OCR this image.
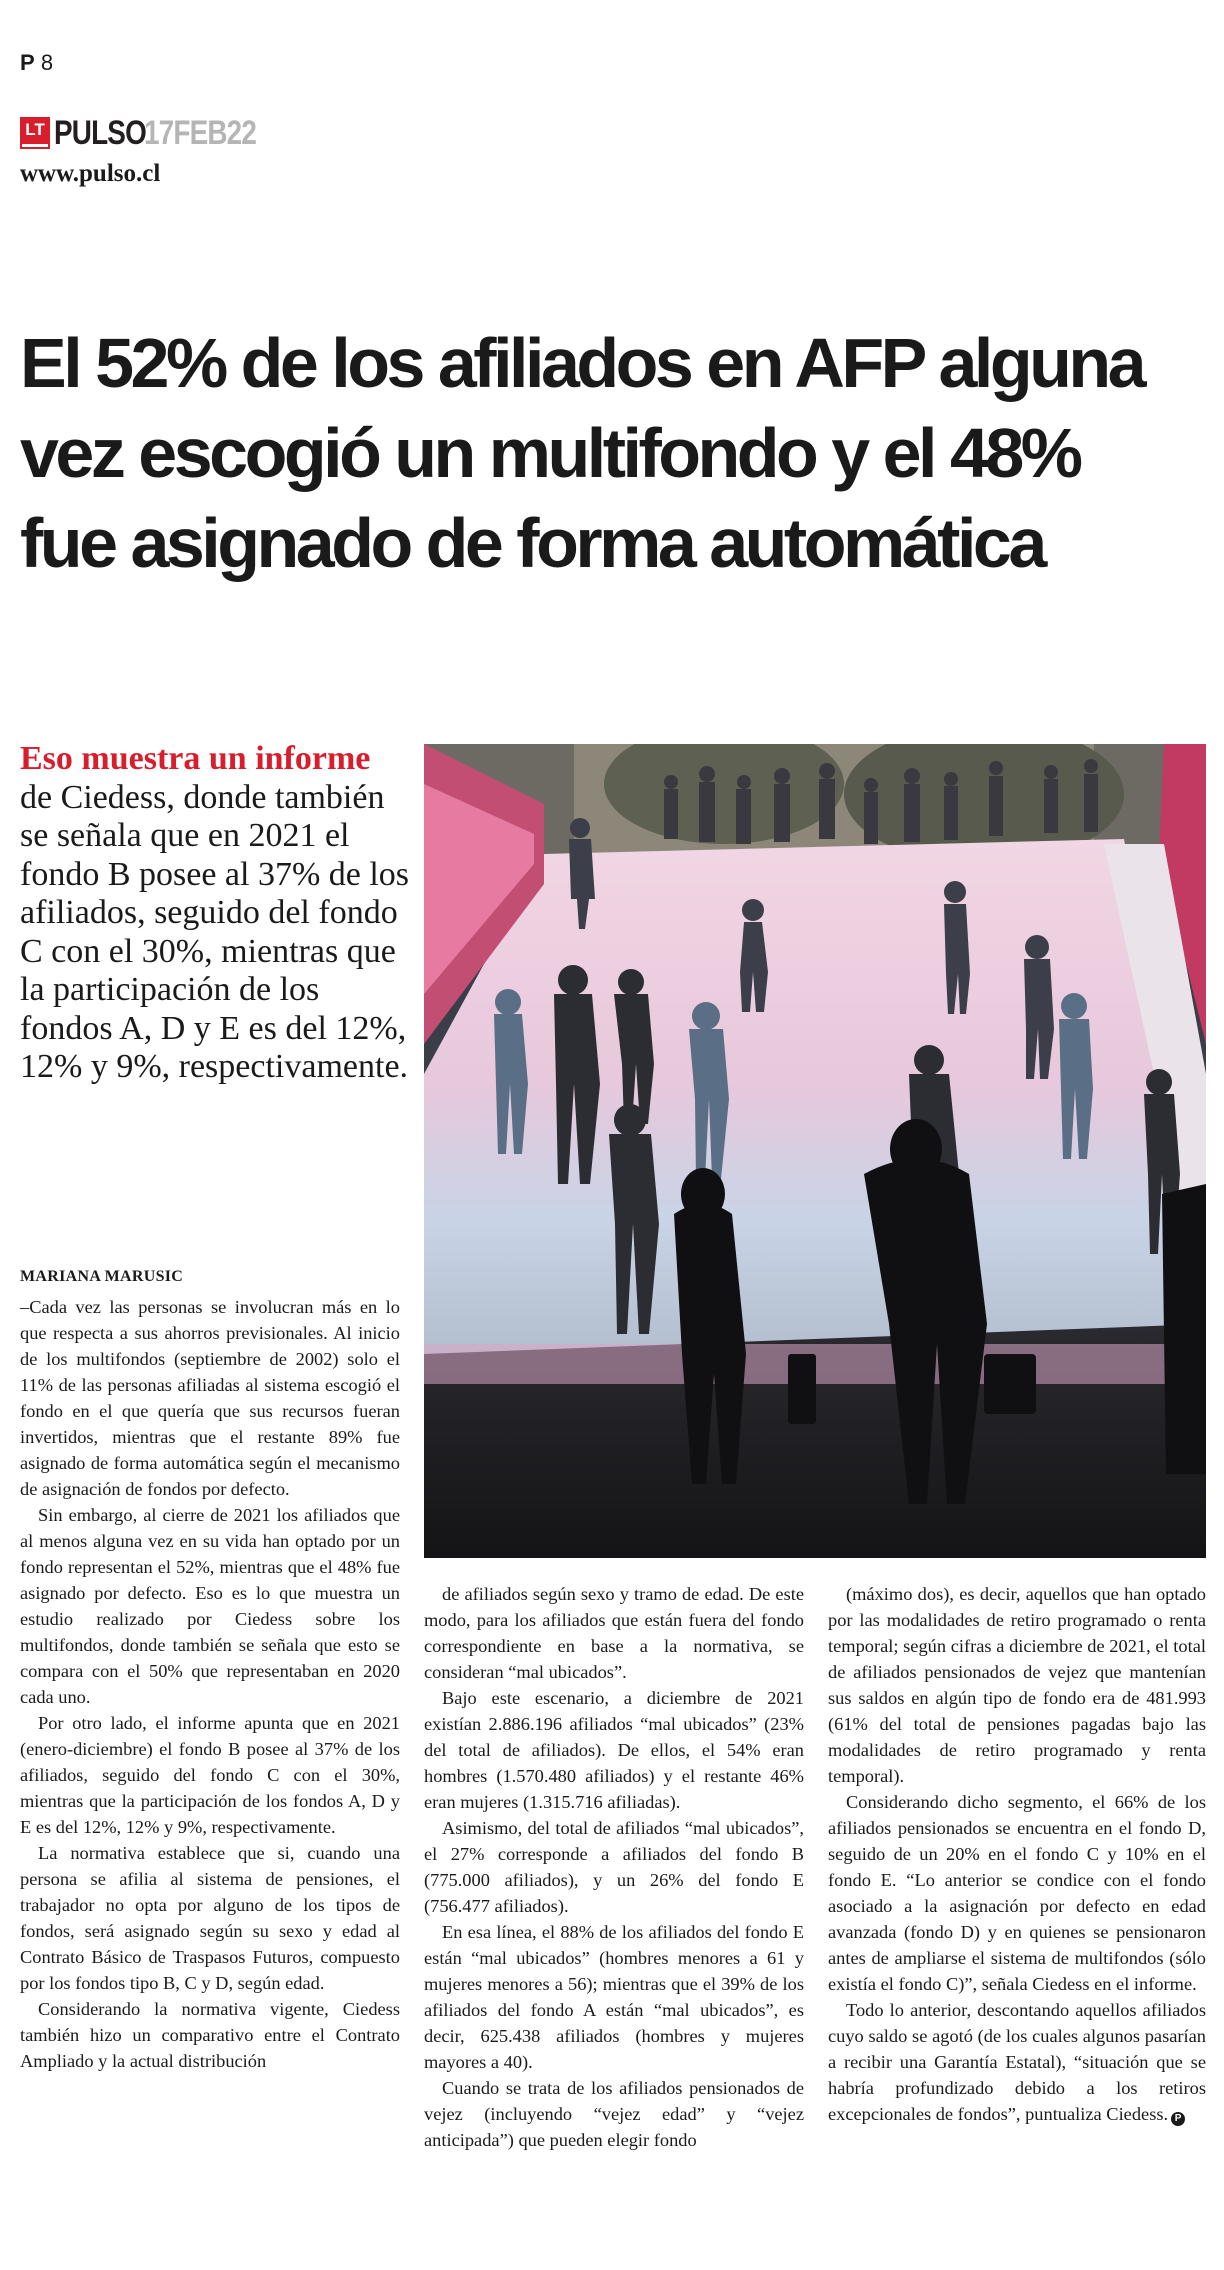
P 8
LT PULSO
17FEB22
www.pulso.cl
El 52% de los afiliados en AFP alguna
vez escogió un multifondo y el 48%
fue asignado de forma automática
Eso muestra un informe de Ciedess, donde también se señala que en 2021 el fondo B posee al 37% de los afiliados, seguido del fondo C con el 30%, mientras que la participación de los fondos A, D y E es del 12%, 12% y 9%, respectivamente.
MARIANA MARUSIC

–Cada vez las personas se involucran más en lo que respecta a sus ahorros previsionales. Al inicio de los multifondos (septiembre de 2002) solo el 11% de las personas afiliadas al sistema escogió el fondo en el que quería que sus recursos fueran invertidos, mientras que el restante 89% fue asignado de forma automática según el mecanismo de asignación de fondos por defecto.

Sin embargo, al cierre de 2021 los afiliados que al menos alguna vez en su vida han optado por un fondo representan el 52%, mientras que el 48% fue asignado por defecto. Eso es lo que muestra un estudio realizado por Ciedess sobre los multifondos, donde también se señala que esto se compara con el 50% que representaban en 2020 cada uno.

Por otro lado, el informe apunta que en 2021 (enero-diciembre) el fondo B posee al 37% de los afiliados, seguido del fondo C con el 30%, mientras que la participación de los fondos A, D y E es del 12%, 12% y 9%, respectivamente.

La normativa establece que si, cuando una persona se afilia al sistema de pensiones, el trabajador no opta por alguno de los tipos de fondos, será asignado según su sexo y edad al Contrato Básico de Traspasos Futuros, compuesto por los fondos tipo B, C y D, según edad.

Considerando la normativa vigente, Ciedess también hizo un comparativo entre el Contrato Ampliado y la actual distribución

de afiliados según sexo y tramo de edad. De este modo, para los afiliados que están fuera del fondo correspondiente en base a la normativa, se consideran “mal ubicados”.

Bajo este escenario, a diciembre de 2021 existían 2.886.196 afiliados “mal ubicados” (23% del total de afiliados). De ellos, el 54% eran hombres (1.570.480 afiliados) y el restante 46% eran mujeres (1.315.716 afiliadas).

Asimismo, del total de afiliados “mal ubicados”, el 27% corresponde a afiliados del fondo B (775.000 afiliados), y un 26% del fondo E (756.477 afiliados).

En esa línea, el 88% de los afiliados del fondo E están “mal ubicados” (hombres menores a 61 y mujeres menores a 56); mientras que el 39% de los afiliados del fondo A están “mal ubicados”, es decir, 625.438 afiliados (hombres y mujeres mayores a 40).

Cuando se trata de los afiliados pensionados de vejez (incluyendo “vejez edad” y “vejez anticipada”) que pueden elegir fondo

(máximo dos), es decir, aquellos que han optado por las modalidades de retiro programado o renta temporal; según cifras a diciembre de 2021, el total de afiliados pensionados de vejez que mantenían sus saldos en algún tipo de fondo era de 481.993 (61% del total de pensiones pagadas bajo las modalidades de retiro programado y renta temporal).

Considerando dicho segmento, el 66% de los afiliados pensionados se encuentra en el fondo D, seguido de un 20% en el fondo C y 10% en el fondo E. “Lo anterior se condice con el fondo asociado a la asignación por defecto en edad avanzada (fondo D) y en quienes se pensionaron antes de ampliarse el sistema de multifondos (sólo existía el fondo C)”, señala Ciedess en el informe.

Todo lo anterior, descontando aquellos afiliados cuyo saldo se agotó (de los cuales algunos pasarían a recibir una Garantía Estatal), “situación que se habría profundizado debido a los retiros excepcionales de fondos”, puntualiza Ciedess. P
